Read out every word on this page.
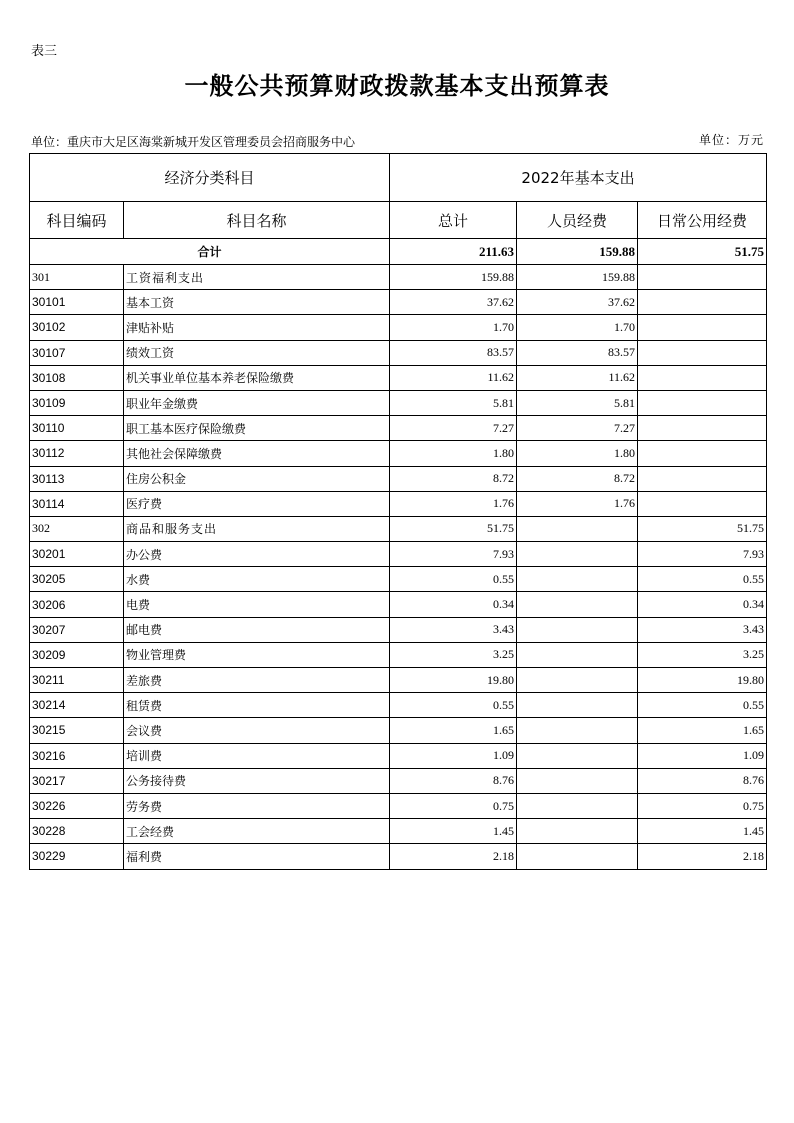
表三
一般公共预算财政拨款基本支出预算表
单位：重庆市大足区海棠新城开发区管理委员会招商服务中心	单位：万元
经济分类科目		2022年基本支出		
科目编码	科目名称	总计	人员经费	日常公用经费
合计		211.63	159.88	51.75
301	工资福利支出	159.88	159.88	
30101	基本工资	37.62	37.62	
30102	津贴补贴	1.70	1.70	
30107	绩效工资	83.57	83.57	
30108	机关事业单位基本养老保险缴费	11.62	11.62	
30109	职业年金缴费	5.81	5.81	
30110	职工基本医疗保险缴费	7.27	7.27	
30112	其他社会保障缴费	1.80	1.80	
30113	住房公积金	8.72	8.72	
30114	医疗费	1.76	1.76	
302	商品和服务支出	51.75		51.75
30201	办公费	7.93		7.93
30205	水费	0.55		0.55
30206	电费	0.34		0.34
30207	邮电费	3.43		3.43
30209	物业管理费	3.25		3.25
30211	差旅费	19.80		19.80
30214	租赁费	0.55		0.55
30215	会议费	1.65		1.65
30216	培训费	1.09		1.09
30217	公务接待费	8.76		8.76
30226	劳务费	0.75		0.75
30228	工会经费	1.45		1.45
30229	福利费	2.18		2.18
